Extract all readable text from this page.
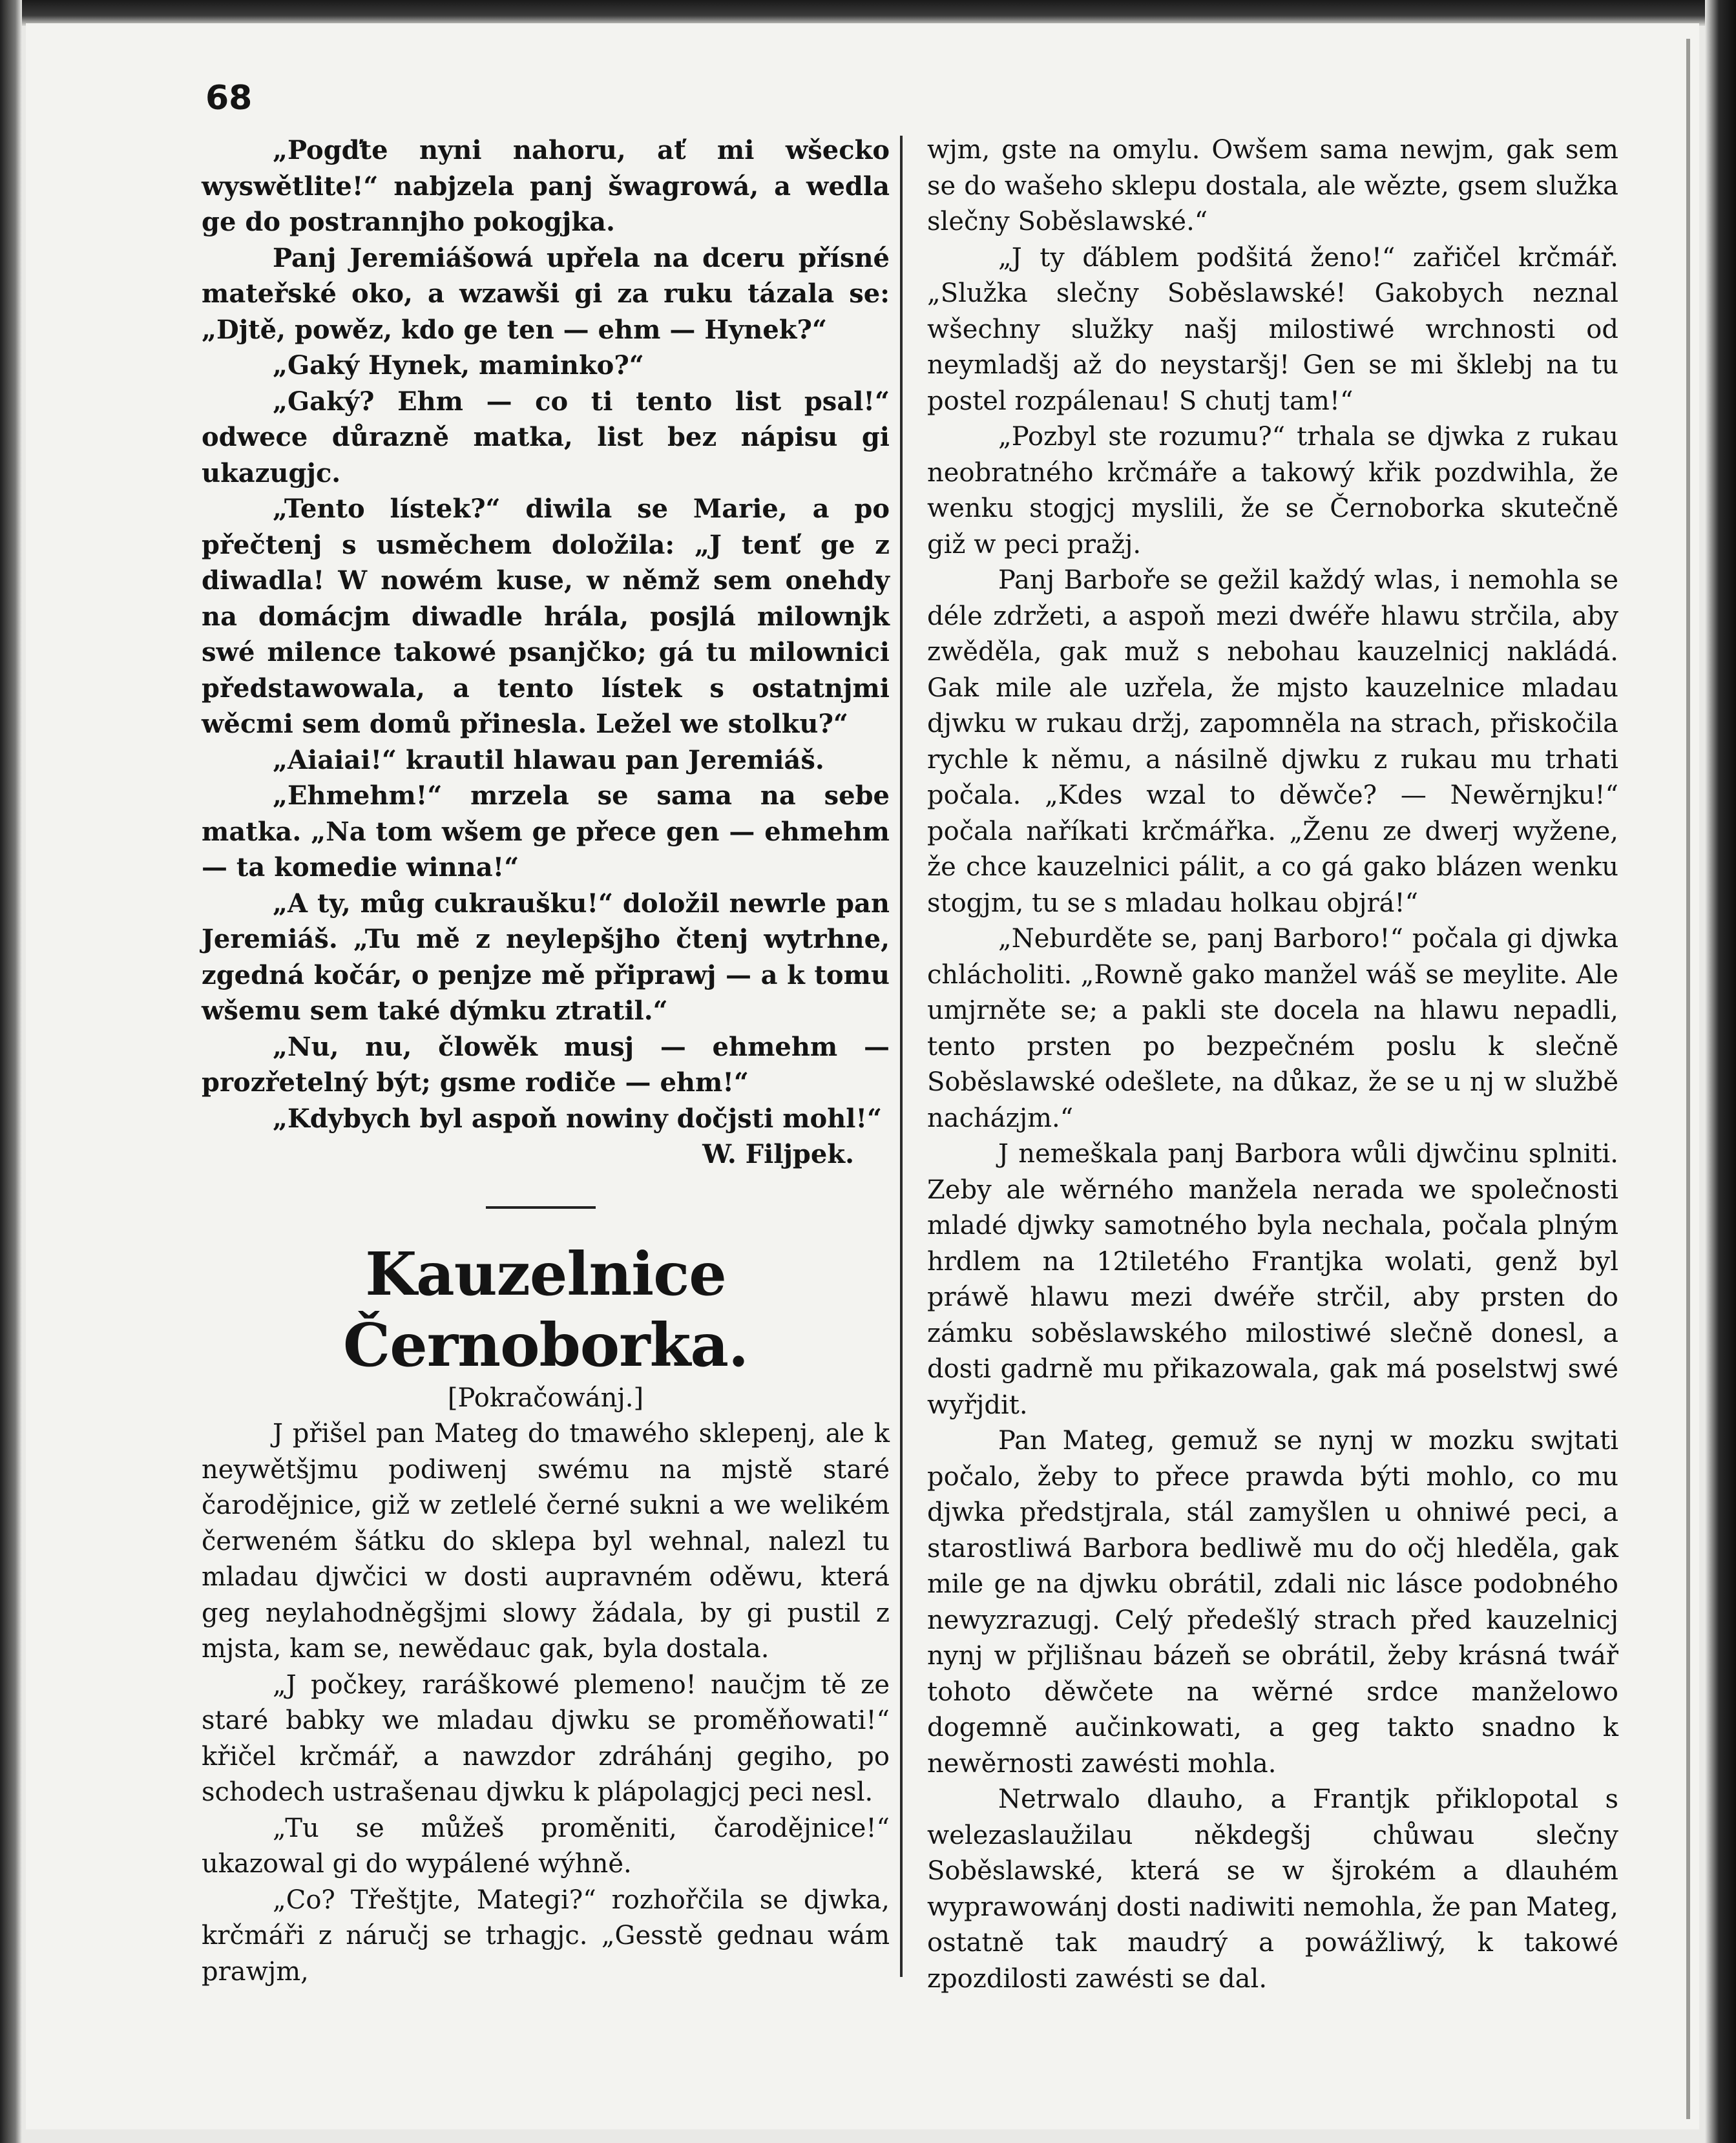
68

„Pogďte nyni nahoru, ať mi wšecko wyswětlite!“ nabjzela panj šwagrowá, a wedla ge do postrannjho pokogjka.

Panj Jeremiášowá upřela na dceru přísné mateřské oko, a wzawši gi za ruku tázala se: „Djtě, powěz, kdo ge ten — ehm — Hynek?“

„Gaký Hynek, maminko?“

„Gaký? Ehm — co ti tento list psal!“ odwece důrazně matka, list bez nápisu gi ukazugjc.

„Tento lístek?“ diwila se Marie, a po přečtenj s usměchem doložila: „J tenť ge z diwadla! W nowém kuse, w němž sem onehdy na domácjm diwadle hrála, posjlá milownjk swé milence takowé psanjčko; gá tu milownici předstawowala, a tento lístek s ostatnjmi wěcmi sem domů přinesla. Ležel we stolku?“

„Aiaiai!“ krautil hlawau pan Jeremiáš.

„Ehmehm!“ mrzela se sama na sebe matka. „Na tom wšem ge přece gen — ehmehm — ta komedie winna!“

„A ty, můg cukraušku!“ doložil newrle pan Jeremiáš. „Tu mě z neylepšjho čtenj wytrhne, zgedná kočár, o penjze mě připrawj — a k tomu wšemu sem také dýmku ztratil.“

„Nu, nu, člowěk musj — ehmehm — prozřetelný být; gsme rodiče — ehm!“

„Kdybych byl aspoň nowiny dočjsti mohl!“

W. Filjpek.

Kauzelnice Černoborka.

[Pokračowánj.]

J přišel pan Mateg do tmawého sklepenj, ale k neywětšjmu podiwenj swému na mjstě staré čarodějnice, giž w zetlelé černé sukni a we welikém čerweném šátku do sklepa byl wehnal, nalezl tu mladau djwčici w dosti aupravném oděwu, která geg neylahodněgšjmi slowy žádala, by gi pustil z mjsta, kam se, newědauc gak, byla dostala.

„J počkey, raráškowé plemeno! naučjm tě ze staré babky we mladau djwku se proměňowati!“ křičel krčmář, a nawzdor zdráhánj gegiho, po schodech ustrašenau djwku k plápolagjcj peci nesl.

„Tu se můžeš proměniti, čarodějnice!“ ukazowal gi do wypálené wýhně.

„Co? Třeštjte, Mategi?“ rozhořčila se djwka, krčmáři z náručj se trhagjc. „Gesstě gednau wám prawjm,

wjm, gste na omylu. Owšem sama newjm, gak sem se do wašeho sklepu dostala, ale wězte, gsem služka slečny Soběslawské.“

„J ty ďáblem podšitá ženo!“ zařičel krčmář. „Služka slečny Soběslawské! Gakobych neznal wšechny služky našj milostiwé wrchnosti od neymladšj až do neystaršj! Gen se mi šklebj na tu postel rozpálenau! S chutj tam!“

„Pozbyl ste rozumu?“ trhala se djwka z rukau neobratného krčmáře a takowý křik pozdwihla, že wenku stogjcj myslili, že se Černoborka skutečně giž w peci pražj.

Panj Barboře se gežil každý wlas, i nemohla se déle zdržeti, a aspoň mezi dwéře hlawu strčila, aby zwěděla, gak muž s nebohau kauzelnicj nakládá. Gak mile ale uzřela, že mjsto kauzelnice mladau djwku w rukau držj, zapomněla na strach, přiskočila rychle k němu, a násilně djwku z rukau mu trhati počala. „Kdes wzal to děwče? — Newěrnjku!“ počala naříkati krčmářka. „Ženu ze dwerj wyžene, že chce kauzelnici pálit, a co gá gako blázen wenku stogjm, tu se s mladau holkau objrá!“

„Neburděte se, panj Barboro!“ počala gi djwka chlácholiti. „Rowně gako manžel wáš se meylite. Ale umjrněte se; a pakli ste docela na hlawu nepadli, tento prsten po bezpečném poslu k slečně Soběslawské odešlete, na důkaz, že se u nj w službě nacházjm.“

J nemeškala panj Barbora wůli djwčinu splniti. Zeby ale wěrného manžela nerada we společnosti mladé djwky samotného byla nechala, počala plným hrdlem na 12tiletého Frantjka wolati, genž byl práwě hlawu mezi dwéře strčil, aby prsten do zámku soběslawského milostiwé slečně donesl, a dosti gadrně mu přikazowala, gak má poselstwj swé wyřjdit.

Pan Mateg, gemuž se nynj w mozku swjtati počalo, žeby to přece prawda býti mohlo, co mu djwka předstjrala, stál zamyšlen u ohniwé peci, a starostliwá Barbora bedliwě mu do očj hleděla, gak mile ge na djwku obrátil, zdali nic lásce podobného newyzrazugj. Celý předešlý strach před kauzelnicj nynj w přjlišnau bázeň se obrátil, žeby krásná twář tohoto děwčete na wěrné srdce manželowo dogemně aučinkowati, a geg takto snadno k newěrnosti zawésti mohla.

Netrwalo dlauho, a Frantjk přiklopotal s welezaslaužilau někdegšj chůwau slečny Soběslawské, která se w šjrokém a dlauhém wyprawowánj dosti nadiwiti nemohla, že pan Mateg, ostatně tak maudrý a powážliwý, k takowé zpozdilosti zawésti se dal.
